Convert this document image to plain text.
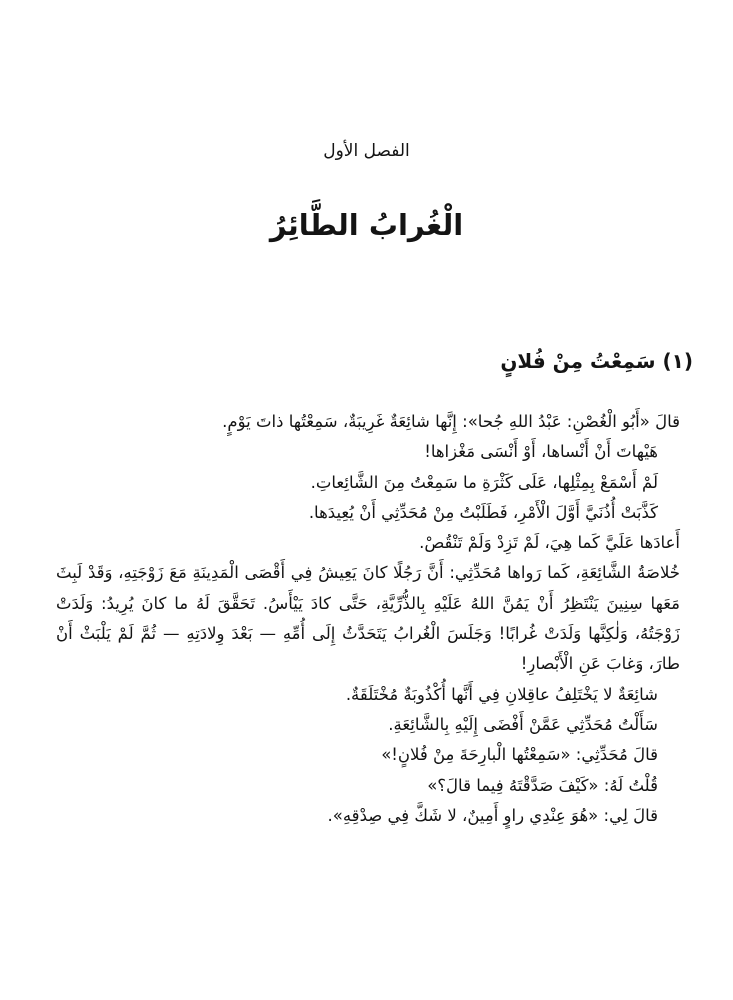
الفصل الأول
الْغُرابُ الطَّائِرُ
(١) سَمِعْتُ مِنْ فُلانٍ

قالَ «أَبُو الْغُصْنِ: عَبْدُ اللهِ جُحا»: إِنَّها شائِعَةٌ غَرِيبَةٌ، سَمِعْتُها ذاتَ يَوْمٍ.

هَيْهاتَ أَنْ أَنْساها، أَوْ أَنْسَى مَغْزاها!

لَمْ أَسْمَعْ بِمِثْلِها، عَلَى كَثْرَةِ ما سَمِعْتُ مِنَ الشَّائِعاتِ.

كَذَّبَتْ أُذُنَيَّ أَوَّلَ الْأَمْرِ، فَطَلَبْتُ مِنْ مُحَدِّثِي أَنْ يُعِيدَها.

أَعادَها عَلَيَّ كَما هِيَ، لَمْ تَزِدْ وَلَمْ تَنْقُصْ.

خُلاصَةُ الشَّائِعَةِ، كَما رَواها مُحَدِّثِي: أَنَّ رَجُلًا كانَ يَعِيشُ فِي أَقْصَى الْمَدِينَةِ مَعَ زَوْجَتِهِ، وَقَدْ لَبِثَ مَعَها سِنِينَ يَنْتَظِرُ أَنْ يَمُنَّ اللهُ عَلَيْهِ بِالذُّرِّيَّةِ، حَتَّى كادَ يَيْأَسُ. تَحَقَّقَ لَهُ ما كانَ يُرِيدُ: وَلَدَتْ زَوْجَتُهُ، وَلٰكِنَّها وَلَدَتْ غُرابًا! وَجَلَسَ الْغُرابُ يَتَحَدَّثُ إِلَى أُمِّهِ — بَعْدَ وِلادَتِهِ — ثُمَّ لَمْ يَلْبَثْ أَنْ طارَ، وَغابَ عَنِ الْأَبْصارِ!

شائِعَةٌ لا يَخْتَلِفُ عاقِلانِ فِي أَنَّها أُكْذُوبَةٌ مُخْتَلَقَةٌ.

سَأَلْتُ مُحَدِّثِي عَمَّنْ أَفْضَى إِلَيْهِ بِالشَّائِعَةِ.

قالَ مُحَدِّثِي: «سَمِعْتُها الْبارِحَةَ مِنْ فُلانٍ!»

قُلْتُ لَهُ: «كَيْفَ صَدَّقْتَهُ فِيما قالَ؟»

قالَ لِي: «هُوَ عِنْدِي راوٍ أَمِينٌ، لا شَكَّ فِي صِدْقِهِ».
